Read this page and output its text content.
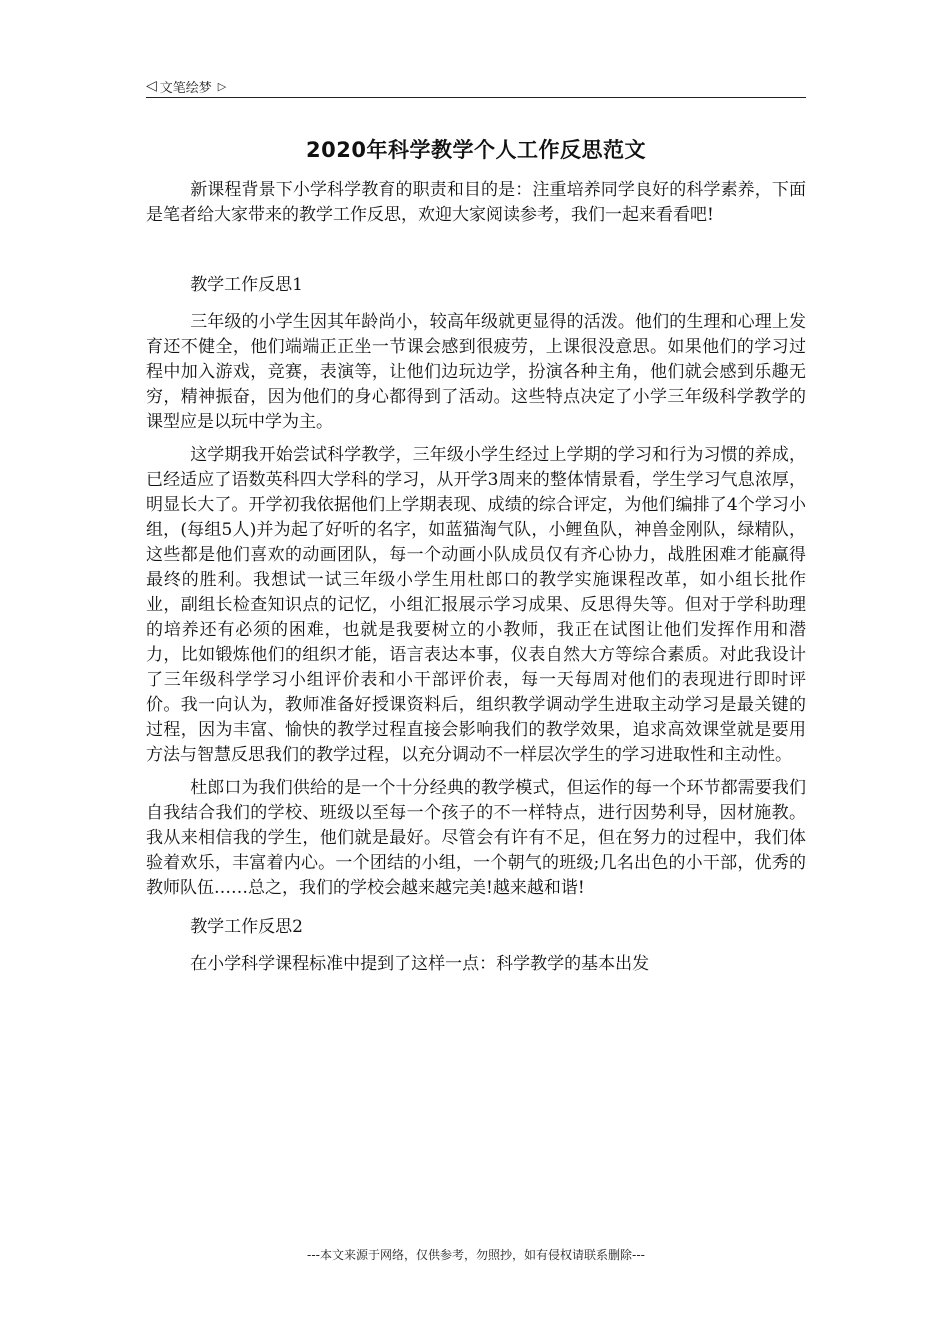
◁ 文笔绘梦 ▷
2020年科学教学个人工作反思范文

新课程背景下小学科学教育的职责和目的是：注重培养同学良好的科学素养，下面是笔者给大家带来的教学工作反思，欢迎大家阅读参考，我们一起来看看吧!

教学工作反思1

三年级的小学生因其年龄尚小，较高年级就更显得的活泼。他们的生理和心理上发育还不健全，他们端端正正坐一节课会感到很疲劳，上课很没意思。如果他们的学习过程中加入游戏，竞赛，表演等，让他们边玩边学，扮演各种主角，他们就会感到乐趣无穷，精神振奋，因为他们的身心都得到了活动。这些特点决定了小学三年级科学教学的课型应是以玩中学为主。

这学期我开始尝试科学教学，三年级小学生经过上学期的学习和行为习惯的养成，已经适应了语数英科四大学科的学习，从开学3周来的整体情景看，学生学习气息浓厚，明显长大了。开学初我依据他们上学期表现、成绩的综合评定，为他们编排了4个学习小组，(每组5人)并为起了好听的名字，如蓝猫淘气队，小鲤鱼队，神兽金刚队，绿精队，这些都是他们喜欢的动画团队，每一个动画小队成员仅有齐心协力，战胜困难才能赢得最终的胜利。我想试一试三年级小学生用杜郎口的教学实施课程改革，如小组长批作业，副组长检查知识点的记忆，小组汇报展示学习成果、反思得失等。但对于学科助理的培养还有必须的困难，也就是我要树立的小教师，我正在试图让他们发挥作用和潜力，比如锻炼他们的组织才能，语言表达本事，仪表自然大方等综合素质。对此我设计了三年级科学学习小组评价表和小干部评价表，每一天每周对他们的表现进行即时评价。我一向认为，教师准备好授课资料后，组织教学调动学生进取主动学习是最关键的过程，因为丰富、愉快的教学过程直接会影响我们的教学效果，追求高效课堂就是要用方法与智慧反思我们的教学过程，以充分调动不一样层次学生的学习进取性和主动性。

杜郎口为我们供给的是一个十分经典的教学模式，但运作的每一个环节都需要我们自我结合我们的学校、班级以至每一个孩子的不一样特点，进行因势利导，因材施教。我从来相信我的学生，他们就是最好。尽管会有许有不足，但在努力的过程中，我们体验着欢乐，丰富着内心。一个团结的小组，一个朝气的班级;几名出色的小干部，优秀的教师队伍……总之，我们的学校会越来越完美!越来越和谐!

教学工作反思2

在小学科学课程标准中提到了这样一点：科学教学的基本出发

---本文来源于网络，仅供参考，勿照抄，如有侵权请联系删除---
